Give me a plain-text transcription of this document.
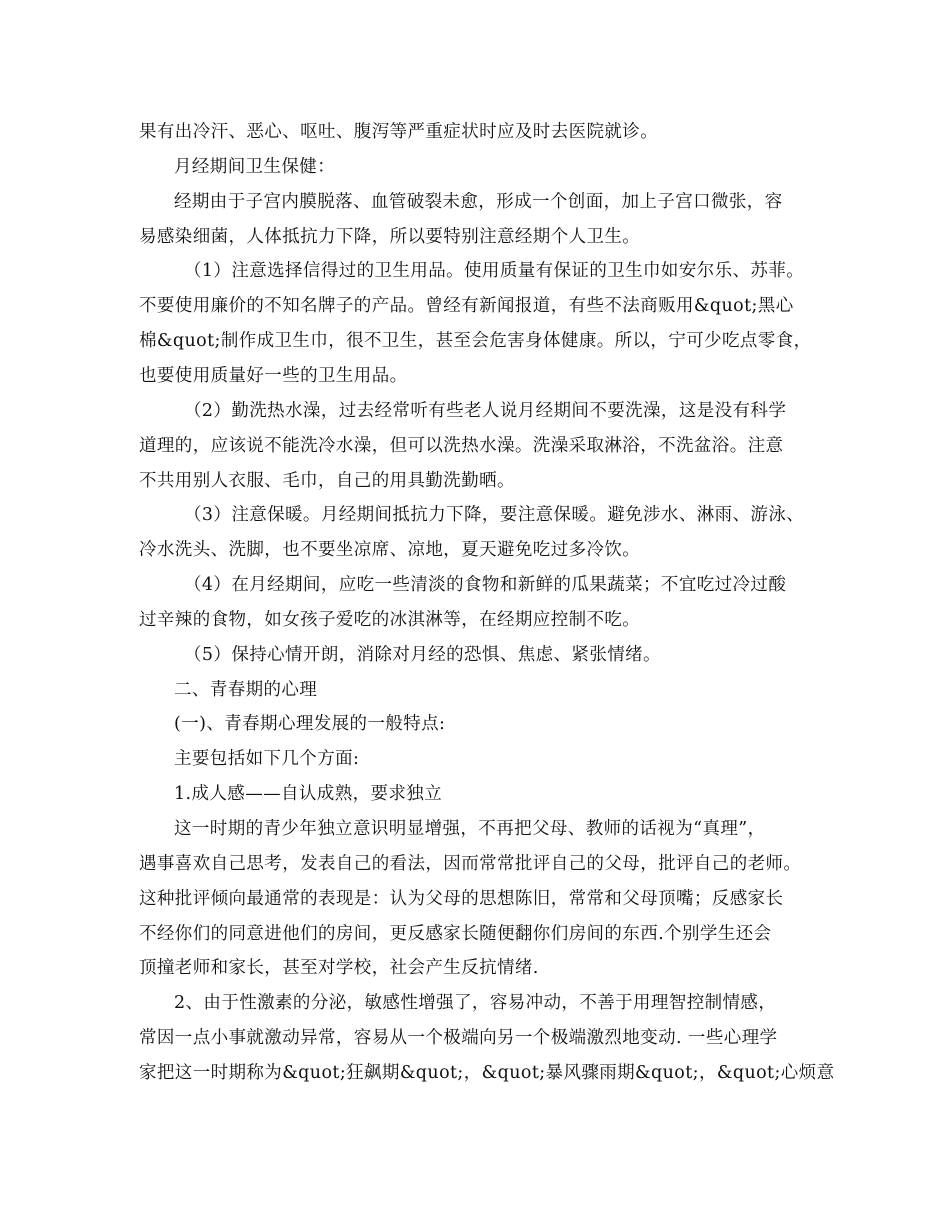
果有出冷汗、恶心、呕吐、腹泻等严重症状时应及时去医院就诊。
月经期间卫生保健：
经期由于子宫内膜脱落、血管破裂未愈，形成一个创面，加上子宫口微张，容
易感染细菌，人体抵抗力下降，所以要特别注意经期个人卫生。
（1）注意选择信得过的卫生用品。使用质量有保证的卫生巾如安尔乐、苏菲。
不要使用廉价的不知名牌子的产品。曾经有新闻报道，有些不法商贩用&quot;黑心
棉&quot;制作成卫生巾，很不卫生，甚至会危害身体健康。所以，宁可少吃点零食，
也要使用质量好一些的卫生用品。
（2）勤洗热水澡，过去经常听有些老人说月经期间不要洗澡，这是没有科学
道理的，应该说不能洗冷水澡，但可以洗热水澡。洗澡采取淋浴，不洗盆浴。注意
不共用别人衣服、毛巾，自己的用具勤洗勤晒。
（3）注意保暖。月经期间抵抗力下降，要注意保暖。避免涉水、淋雨、游泳、
冷水洗头、洗脚，也不要坐凉席、凉地，夏天避免吃过多冷饮。
（4）在月经期间，应吃一些清淡的食物和新鲜的瓜果蔬菜；不宜吃过冷过酸
过辛辣的食物，如女孩子爱吃的冰淇淋等，在经期应控制不吃。
（5）保持心情开朗，消除对月经的恐惧、焦虑、紧张情绪。
二、青春期的心理
(一)、青春期心理发展的一般特点:
主要包括如下几个方面:
1.成人感——自认成熟，要求独立
这一时期的青少年独立意识明显增强，不再把父母、教师的话视为“真理”，
遇事喜欢自己思考，发表自己的看法，因而常常批评自己的父母，批评自己的老师。
这种批评倾向最通常的表现是：认为父母的思想陈旧，常常和父母顶嘴；反感家长
不经你们的同意进他们的房间，更反感家长随便翻你们房间的东西.个别学生还会
顶撞老师和家长，甚至对学校，社会产生反抗情绪.
2、由于性激素的分泌，敏感性增强了，容易冲动，不善于用理智控制情感，
常因一点小事就激动异常，容易从一个极端向另一个极端激烈地变动. 一些心理学
家把这一时期称为&quot;狂飙期&quot;，&quot;暴风骤雨期&quot;，&quot;心烦意
